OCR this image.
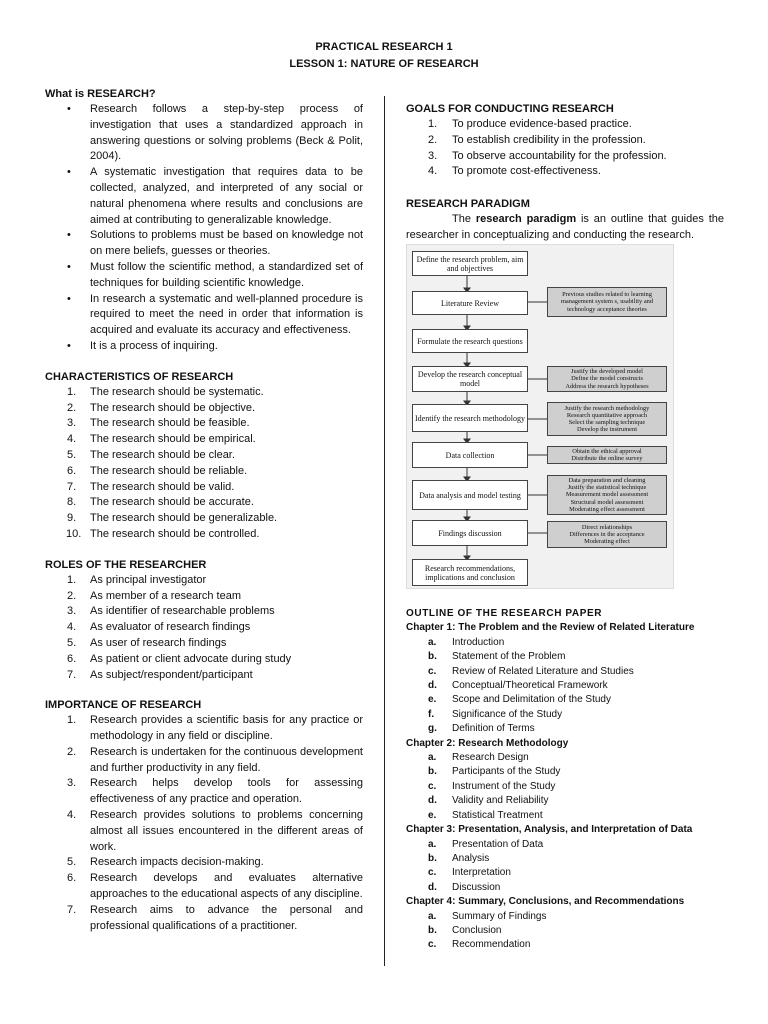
PRACTICAL RESEARCH 1
LESSON 1: NATURE OF RESEARCH
What is RESEARCH?
• Research follows a step-by-step process of investigation that uses a standardized approach in answering questions or solving problems (Beck & Polit, 2004).
• A systematic investigation that requires data to be collected, analyzed, and interpreted of any social or natural phenomena where results and conclusions are aimed at contributing to generalizable knowledge.
• Solutions to problems must be based on knowledge not on mere beliefs, guesses or theories.
• Must follow the scientific method, a standardized set of techniques for building scientific knowledge.
• In research a systematic and well-planned procedure is required to meet the need in order that information is acquired and evaluate its accuracy and effectiveness.
• It is a process of inquiring.
CHARACTERISTICS OF RESEARCH
1. The research should be systematic.
2. The research should be objective.
3. The research should be feasible.
4. The research should be empirical.
5. The research should be clear.
6. The research should be reliable.
7. The research should be valid.
8. The research should be accurate.
9. The research should be generalizable.
10. The research should be controlled.
ROLES OF THE RESEARCHER
1. As principal investigator
2. As member of a research team
3. As identifier of researchable problems
4. As evaluator of research findings
5. As user of research findings
6. As patient or client advocate during study
7. As subject/respondent/participant
IMPORTANCE OF RESEARCH
1. Research provides a scientific basis for any practice or methodology in any field or discipline.
2. Research is undertaken for the continuous development and further productivity in any field.
3. Research helps develop tools for assessing effectiveness of any practice and operation.
4. Research provides solutions to problems concerning almost all issues encountered in the different areas of work.
5. Research impacts decision-making.
6. Research develops and evaluates alternative approaches to the educational aspects of any discipline.
7. Research aims to advance the personal and professional qualifications of a practitioner.
GOALS FOR CONDUCTING RESEARCH
1. To produce evidence-based practice.
2. To establish credibility in the profession.
3. To observe accountability for the profession.
4. To promote cost-effectiveness.
RESEARCH PARADIGM
The research paradigm is an outline that guides the researcher in conceptualizing and conducting the research.
Define the research problem, aim and objectives
Literature Review
Formulate the research questions
Develop the research conceptual model
Identify the research methodology
Data collection
Data analysis and model testing
Findings discussion
Research recommendations, implications and conclusion
Previous studies related to learning management system s, usability and technology acceptance theories
Justify the developed model
Define the model constructs
Address the research hypotheses
Justify the research methodology
Research quantitative approach
Select the sampling technique
Develop the instrument
Obtain the ethical approval
Distribute the online survey
Data preparation and cleaning
Justify the statistical technique
Measurement model assessment
Structural model assessment
Moderating effect assessment
Direct relationships
Differences in the acceptance
Moderating effect
OUTLINE OF THE RESEARCH PAPER
Chapter 1: The Problem and the Review of Related Literature
a. Introduction
b. Statement of the Problem
c. Review of Related Literature and Studies
d. Conceptual/Theoretical Framework
e. Scope and Delimitation of the Study
f. Significance of the Study
g. Definition of Terms
Chapter 2: Research Methodology
a. Research Design
b. Participants of the Study
c. Instrument of the Study
d. Validity and Reliability
e. Statistical Treatment
Chapter 3: Presentation, Analysis, and Interpretation of Data
a. Presentation of Data
b. Analysis
c. Interpretation
d. Discussion
Chapter 4: Summary, Conclusions, and Recommendations
a. Summary of Findings
b. Conclusion
c. Recommendation
